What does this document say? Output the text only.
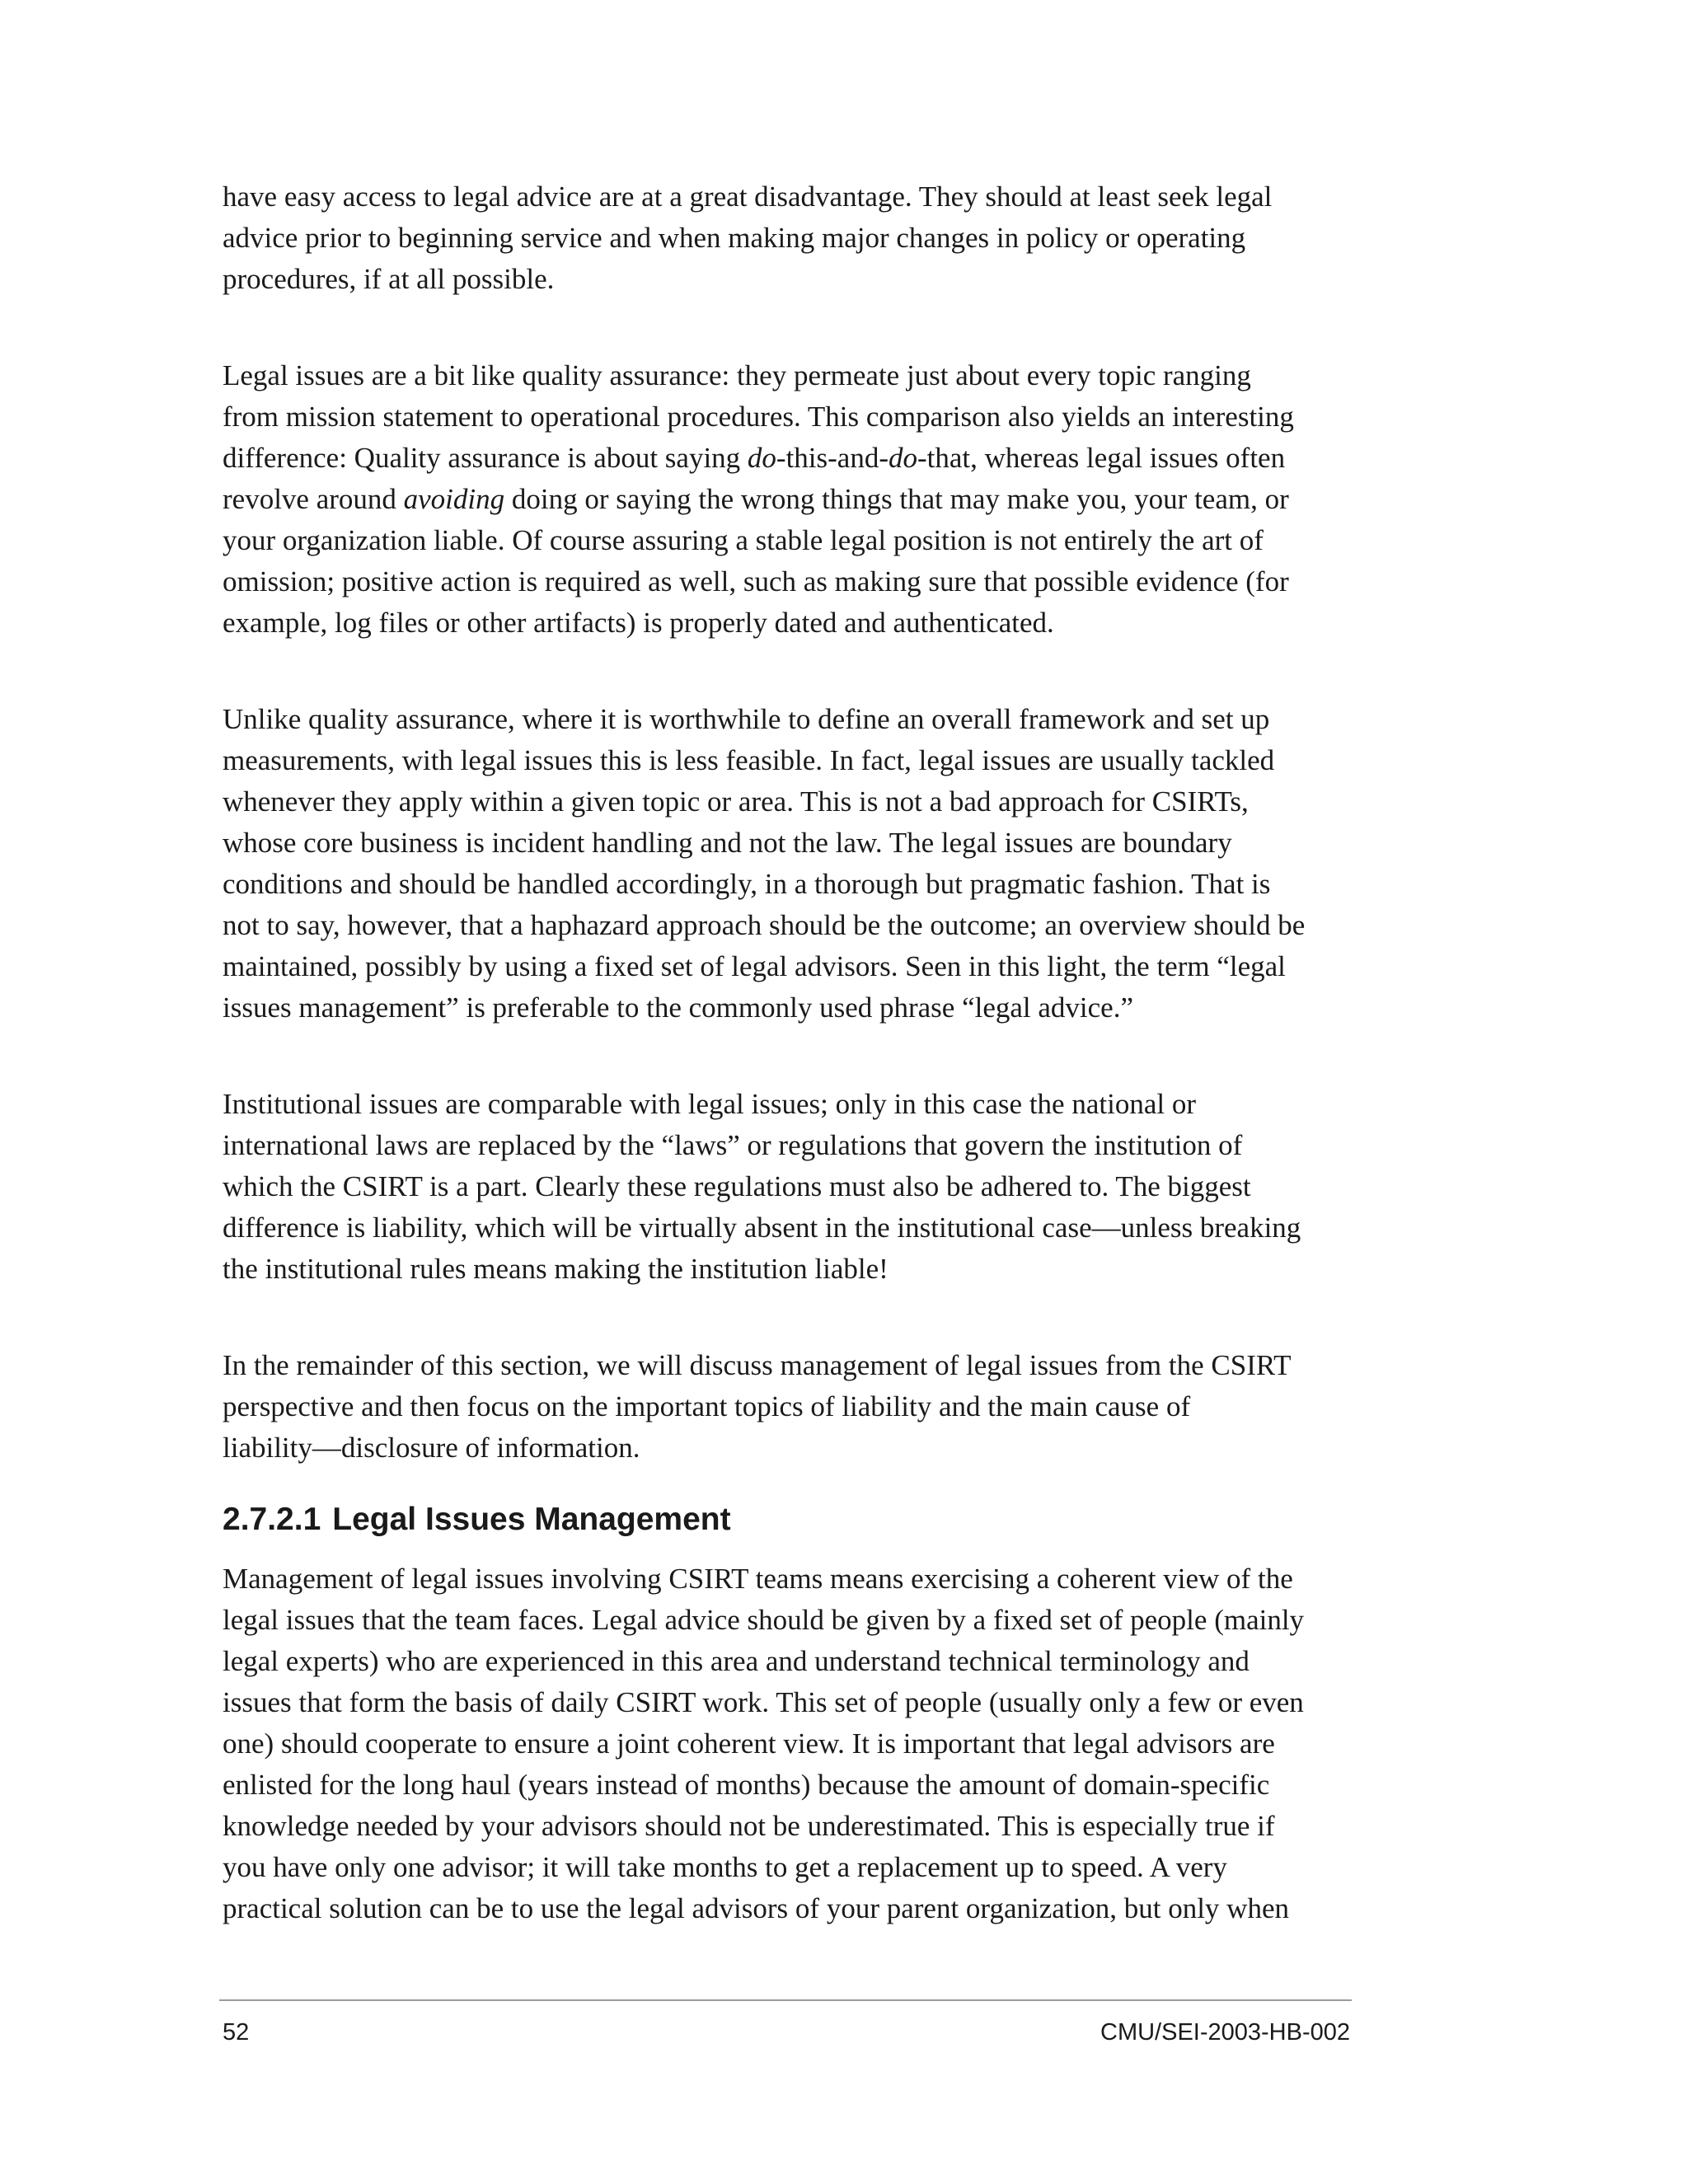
have easy access to legal advice are at a great disadvantage. They should at least seek legal
advice prior to beginning service and when making major changes in policy or operating
procedures, if at all possible.

Legal issues are a bit like quality assurance: they permeate just about every topic ranging
from mission statement to operational procedures. This comparison also yields an interesting
difference: Quality assurance is about saying do-this-and-do-that, whereas legal issues often
revolve around avoiding doing or saying the wrong things that may make you, your team, or
your organization liable. Of course assuring a stable legal position is not entirely the art of
omission; positive action is required as well, such as making sure that possible evidence (for
example, log files or other artifacts) is properly dated and authenticated.

Unlike quality assurance, where it is worthwhile to define an overall framework and set up
measurements, with legal issues this is less feasible. In fact, legal issues are usually tackled
whenever they apply within a given topic or area. This is not a bad approach for CSIRTs,
whose core business is incident handling and not the law. The legal issues are boundary
conditions and should be handled accordingly, in a thorough but pragmatic fashion. That is
not to say, however, that a haphazard approach should be the outcome; an overview should be
maintained, possibly by using a fixed set of legal advisors. Seen in this light, the term “legal
issues management” is preferable to the commonly used phrase “legal advice.”

Institutional issues are comparable with legal issues; only in this case the national or
international laws are replaced by the “laws” or regulations that govern the institution of
which the CSIRT is a part. Clearly these regulations must also be adhered to. The biggest
difference is liability, which will be virtually absent in the institutional case—unless breaking
the institutional rules means making the institution liable!

In the remainder of this section, we will discuss management of legal issues from the CSIRT
perspective and then focus on the important topics of liability and the main cause of
liability—disclosure of information.

2.7.2.1 Legal Issues Management

Management of legal issues involving CSIRT teams means exercising a coherent view of the
legal issues that the team faces. Legal advice should be given by a fixed set of people (mainly
legal experts) who are experienced in this area and understand technical terminology and
issues that form the basis of daily CSIRT work. This set of people (usually only a few or even
one) should cooperate to ensure a joint coherent view. It is important that legal advisors are
enlisted for the long haul (years instead of months) because the amount of domain-specific
knowledge needed by your advisors should not be underestimated. This is especially true if
you have only one advisor; it will take months to get a replacement up to speed. A very
practical solution can be to use the legal advisors of your parent organization, but only when

52	CMU/SEI-2003-HB-002
